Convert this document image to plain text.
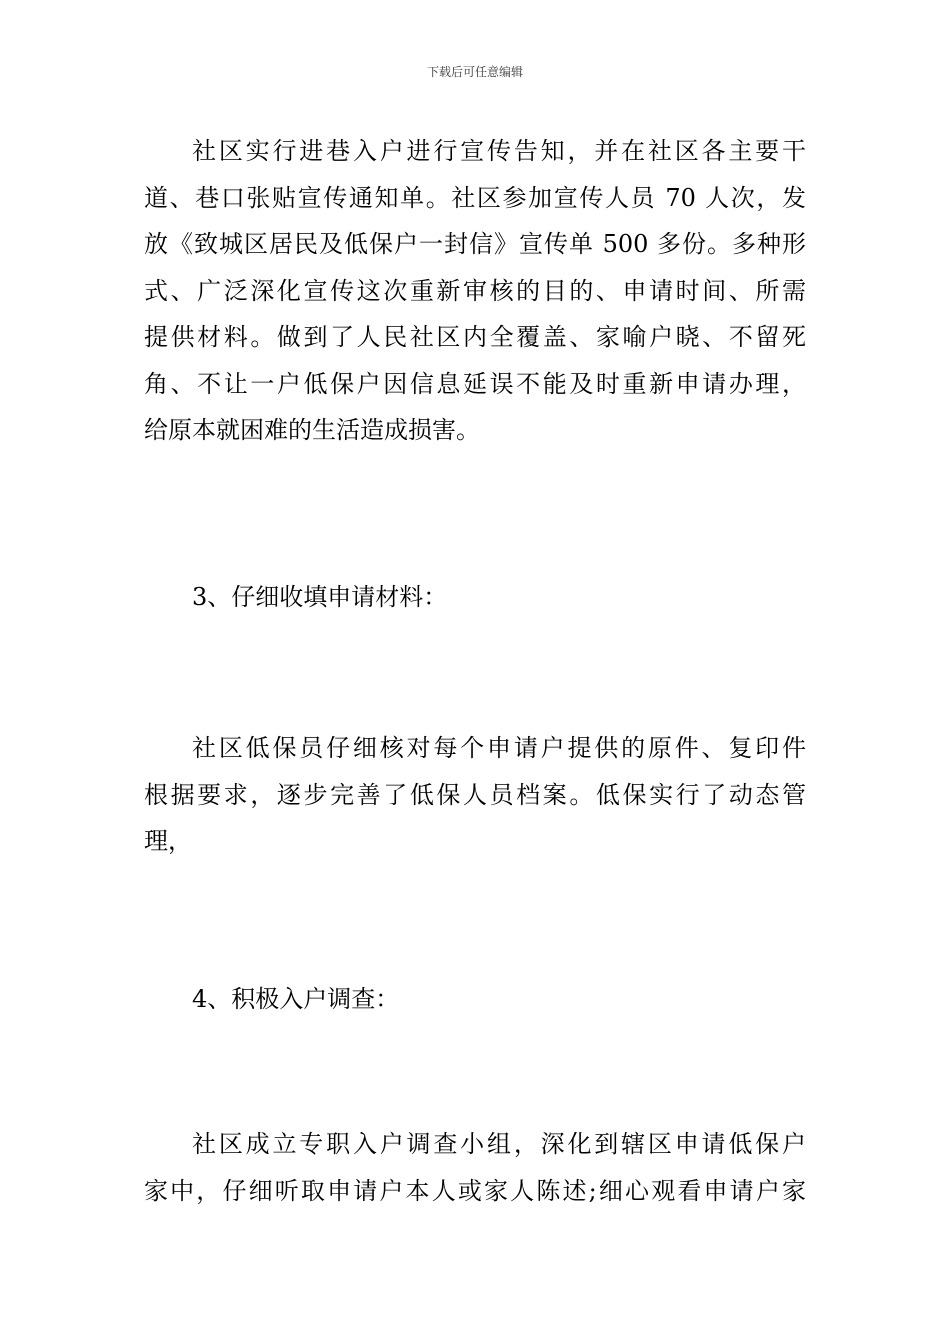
下载后可任意编辑
社区实行进巷入户进行宣传告知，并在社区各主要干
道、巷口张贴宣传通知单。社区参加宣传人员 70 人次，发
放《致城区居民及低保户一封信》宣传单 500 多份。多种形
式、广泛深化宣传这次重新审核的目的、申请时间、所需
提供材料。做到了人民社区内全覆盖、家喻户晓、不留死
角、不让一户低保户因信息延误不能及时重新申请办理，
给原本就困难的生活造成损害。
3、仔细收填申请材料：
社区低保员仔细核对每个申请户提供的原件、复印件
根据要求，逐步完善了低保人员档案。低保实行了动态管
理，
4、积极入户调查：
社区成立专职入户调查小组，深化到辖区申请低保户
家中，仔细听取申请户本人或家人陈述;细心观看申请户家
